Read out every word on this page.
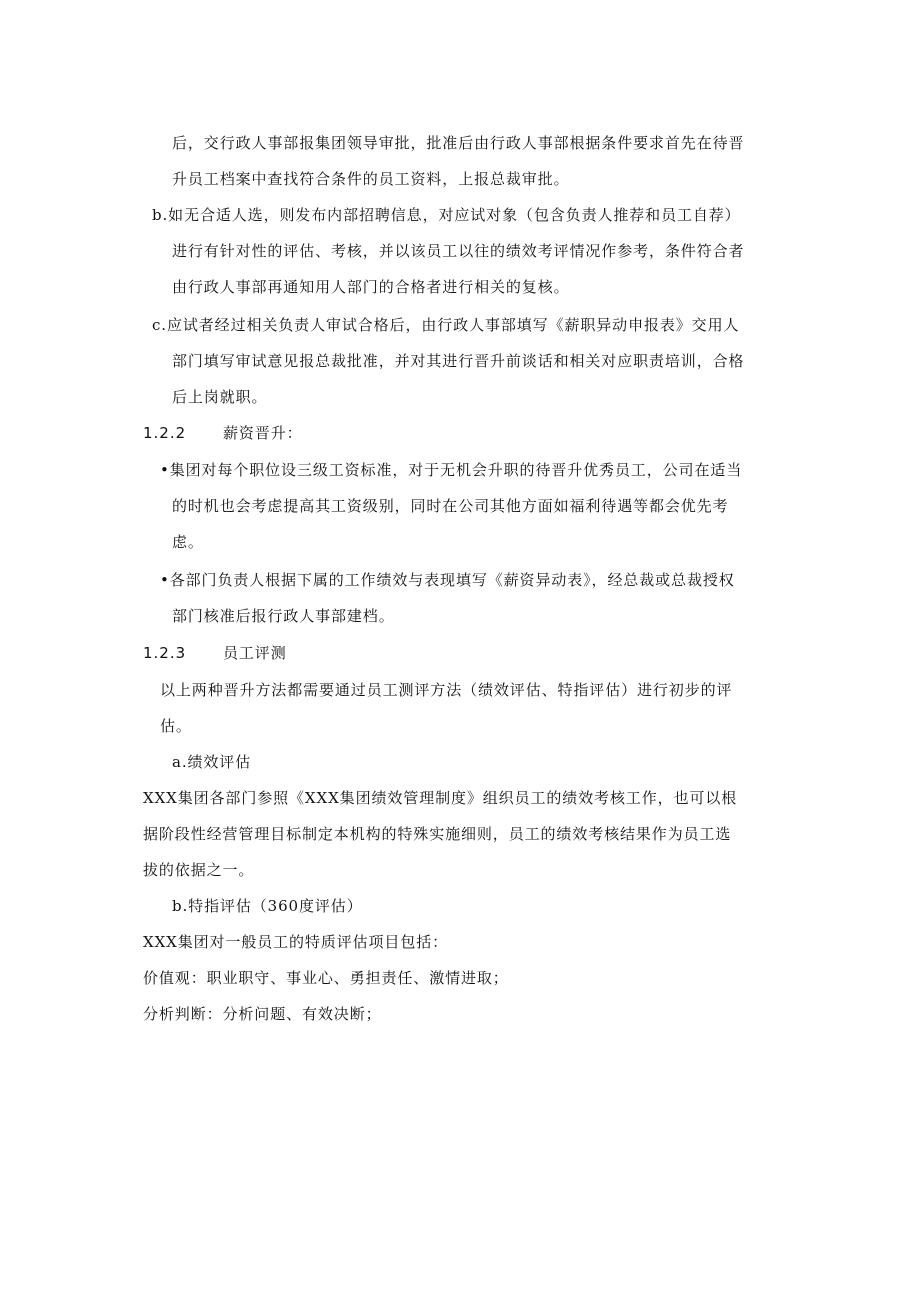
后，交行政人事部报集团领导审批，批准后由行政人事部根据条件要求首先在待晋
升员工档案中查找符合条件的员工资料，上报总裁审批。
b.如无合适人选，则发布内部招聘信息，对应试对象（包含负责人推荐和员工自荐）
进行有针对性的评估、考核，并以该员工以往的绩效考评情况作参考，条件符合者
由行政人事部再通知用人部门的合格者进行相关的复核。
c.应试者经过相关负责人审试合格后，由行政人事部填写《薪职异动申报表》交用人
部门填写审试意见报总裁批准，并对其进行晋升前谈话和相关对应职责培训，合格
后上岗就职。
1.2.2 薪资晋升：
•集团对每个职位设三级工资标准，对于无机会升职的待晋升优秀员工，公司在适当
的时机也会考虑提高其工资级别，同时在公司其他方面如福利待遇等都会优先考
虑。
•各部门负责人根据下属的工作绩效与表现填写《薪资异动表》，经总裁或总裁授权
部门核准后报行政人事部建档。
1.2.3 员工评测
以上两种晋升方法都需要通过员工测评方法（绩效评估、特指评估）进行初步的评
估。
a.绩效评估
XXX集团各部门参照《XXX集团绩效管理制度》组织员工的绩效考核工作，也可以根
据阶段性经营管理目标制定本机构的特殊实施细则，员工的绩效考核结果作为员工选
拔的依据之一。
b.特指评估（360度评估）
XXX集团对一般员工的特质评估项目包括：
价值观：职业职守、事业心、勇担责任、激情进取；
分析判断：分析问题、有效决断；
